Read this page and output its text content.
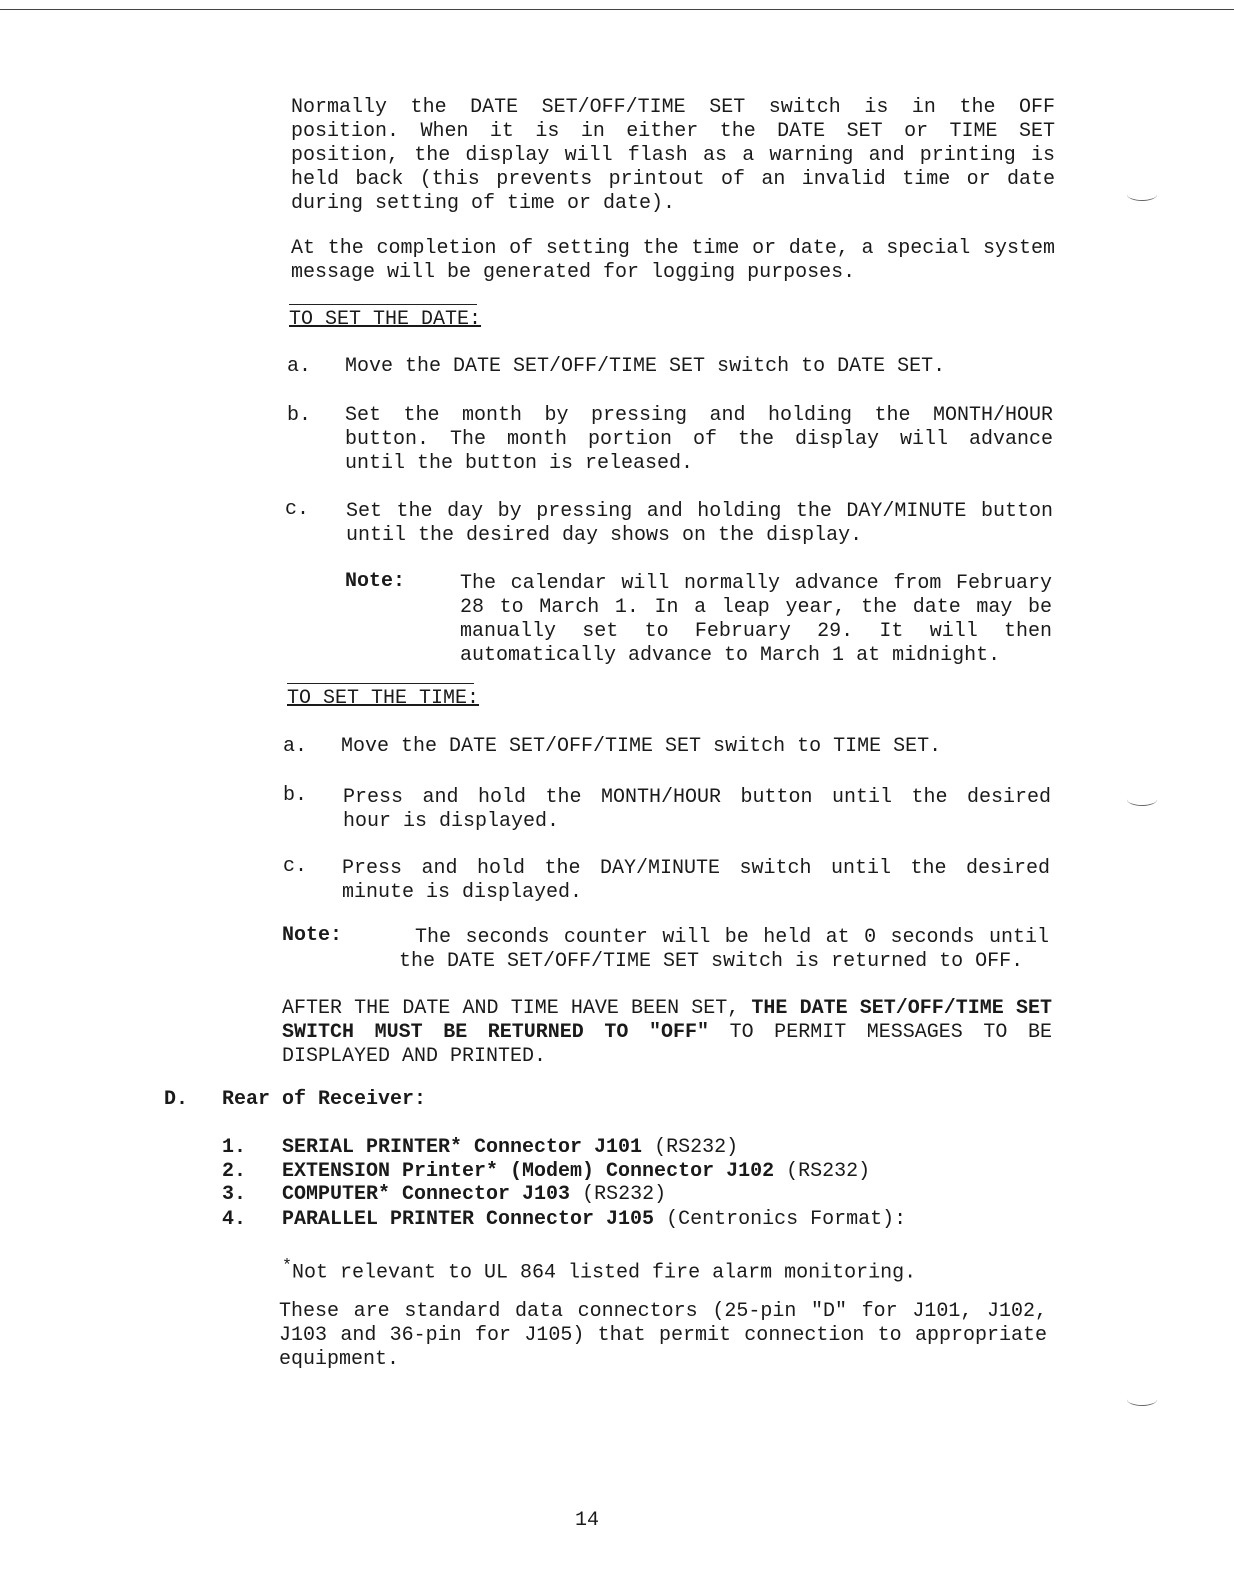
Normally the DATE SET/OFF/TIME SET switch is in the OFF position. When it is in either the DATE SET or TIME SET position, the display will flash as a warning and printing is held back (this prevents printout of an invalid time or date during setting of time or date).

At the completion of setting the time or date, a special system message will be generated for logging purposes.

TO SET THE DATE:
a. Move the DATE SET/OFF/TIME SET switch to DATE SET.

b. Set the month by pressing and holding the MONTH/HOUR button. The month portion of the display will advance until the button is released.

c. Set the day by pressing and holding the DAY/MINUTE button until the desired day shows on the display.

Note:	The calendar will normally advance from February 28 to March 1. In a leap year, the date may be manually set to February 29. It will then automatically advance to March 1 at midnight.

TO SET THE TIME:
a. Move the DATE SET/OFF/TIME SET switch to TIME SET.

b. Press and hold the MONTH/HOUR button until the desired hour is displayed.

c. Press and hold the DAY/MINUTE switch until the desired minute is displayed.

Note:	The seconds counter will be held at 0 seconds until the DATE SET/OFF/TIME SET switch is returned to OFF.

AFTER THE DATE AND TIME HAVE BEEN SET, THE DATE SET/OFF/TIME SET SWITCH MUST BE RETURNED TO "OFF" TO PERMIT MESSAGES TO BE DISPLAYED AND PRINTED.

D. Rear of Receiver:
1. SERIAL PRINTER* Connector J101 (RS232)

2. EXTENSION Printer* (Modem) Connector J102 (RS232)

3. COMPUTER* Connector J103 (RS232)

4. PARALLEL PRINTER Connector J105 (Centronics Format):

*Not relevant to UL 864 listed fire alarm monitoring.

These are standard data connectors (25-pin "D" for J101, J102, J103 and 36-pin for J105) that permit connection to appropriate equipment.

14
